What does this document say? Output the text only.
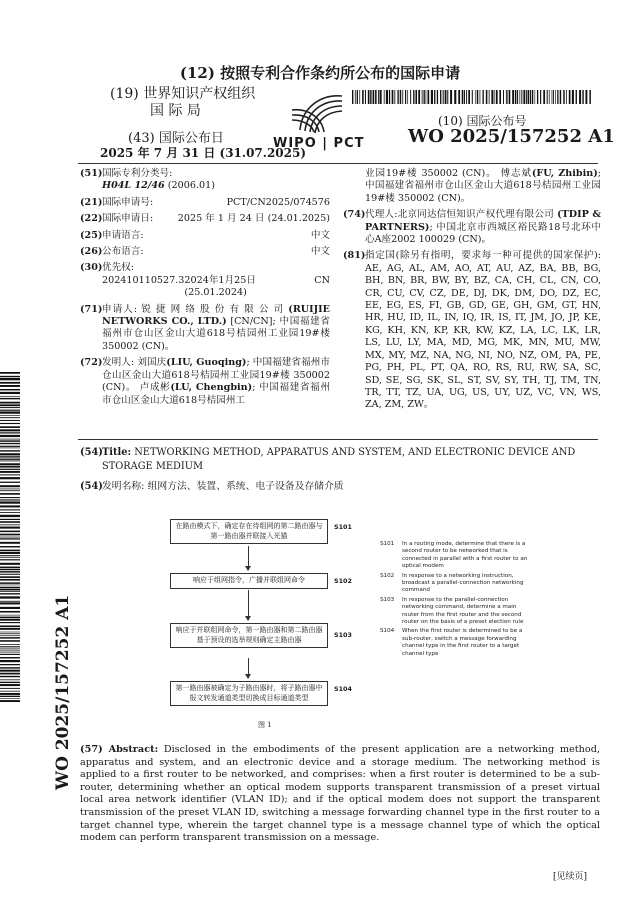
(12) 按照专利合作条约所公布的国际申请
(19) 世界知识产权组织
国 际 局
(43) 国际公布日
2025 年 7 月 31 日 (31.07.2025)
WIPO | PCT
(10) 国际公布号
WO 2025/157252 A1
WO 2025/157252 A1
(51) 国际专利分类号:
H04L 12/46 (2006.01)
(21) 国际申请号:	PCT/CN2025/074576
(22) 国际申请日:	2025 年 1 月 24 日 (24.01.2025)
(25) 申请语言:	中文
(26) 公布语言:	中文
(30) 优先权:
202410110527.3 2024年1月25日 (25.01.2024)
CN
(71) 申请人: 锐 捷 网 络 股 份 有 限 公 司 (RUIJIE NETWORKS CO., LTD.) [CN/CN]; 中国福建省福州市仓山区金山大道618号桔园州工业园19#楼 350002 (CN)。
(72) 发明人: 刘国庆(LIU, Guoqing); 中国福建省福州市仓山区金山大道618号桔园州工业园19#楼 350002 (CN)。 卢成彬(LU, Chengbin); 中国福建省福州市仓山区金山大道618号桔园州工
业园19#楼 350002 (CN)。 傅志斌(FU, Zhibin); 中国福建省福州市仓山区金山大道618号桔园州工业园19#楼 350002 (CN)。
(74) 代理人:北京同达信恒知识产权代理有限公司 (TDIP & PARTNERS); 中国北京市西城区裕民路18号北环中心A座2002 100029 (CN)。
(81) 指定国(除另有指明，要求每一种可提供的国家保护): AE, AG, AL, AM, AO, AT, AU, AZ, BA, BB, BG, BH, BN, BR, BW, BY, BZ, CA, CH, CL, CN, CO, CR, CU, CV, CZ, DE, DJ, DK, DM, DO, DZ, EC, EE, EG, ES, FI, GB, GD, GE, GH, GM, GT, HN, HR, HU, ID, IL, IN, IQ, IR, IS, IT, JM, JO, JP, KE, KG, KH, KN, KP, KR, KW, KZ, LA, LC, LK, LR, LS, LU, LY, MA, MD, MG, MK, MN, MU, MW, MX, MY, MZ, NA, NG, NI, NO, NZ, OM, PA, PE, PG, PH, PL, PT, QA, RO, RS, RU, RW, SA, SC, SD, SE, SG, SK, SL, ST, SV, SY, TH, TJ, TM, TN, TR, TT, TZ, UA, UG, US, UY, UZ, VC, VN, WS, ZA, ZM, ZW。
(54) Title: NETWORKING METHOD, APPARATUS AND SYSTEM, AND ELECTRONIC DEVICE AND STORAGE MEDIUM
(54) 发明名称: 组网方法、装置、系统、电子设备及存储介质
在路由模式下，确定存在待组网的第二路由器与第一路由器并联接入光猫
S101
响应于组网指令，广播并联组网命令	S102
响应于并联组网命令，第一路由器和第二路由器基于预设的选举规则确定主路由器
S103
第一路由器被确定为子路由器时，将子路由器中报文转发通道类型切换成目标通道类型
S104
图 1
S101 In a routing mode, determine that there is a second router to be networked that is connected in parallel with a first router to an optical modem
S102 In response to a networking instruction, broadcast a parallel-connection networking command
S103 In response to the parallel-connection networking command, determine a main router from the first router and the second router on the basis of a preset election rule
S104 When the first router is determined to be a sub-router, switch a message forwarding channel type in the first router to a target channel type
(57) Abstract: Disclosed in the embodiments of the present application are a networking method, apparatus and system, and an electronic device and a storage medium. The networking method is applied to a first router to be networked, and comprises: when a first router is determined to be a sub-router, determining whether an optical modem supports transparent transmission of a preset virtual local area network identifier (VLAN ID); and if the optical modem does not support the transparent transmission of the preset VLAN ID, switching a message forwarding channel type in the first router to a target channel type, wherein the target channel type is a message channel type of which the optical modem can perform transparent transmission on a message.
[见续页]
